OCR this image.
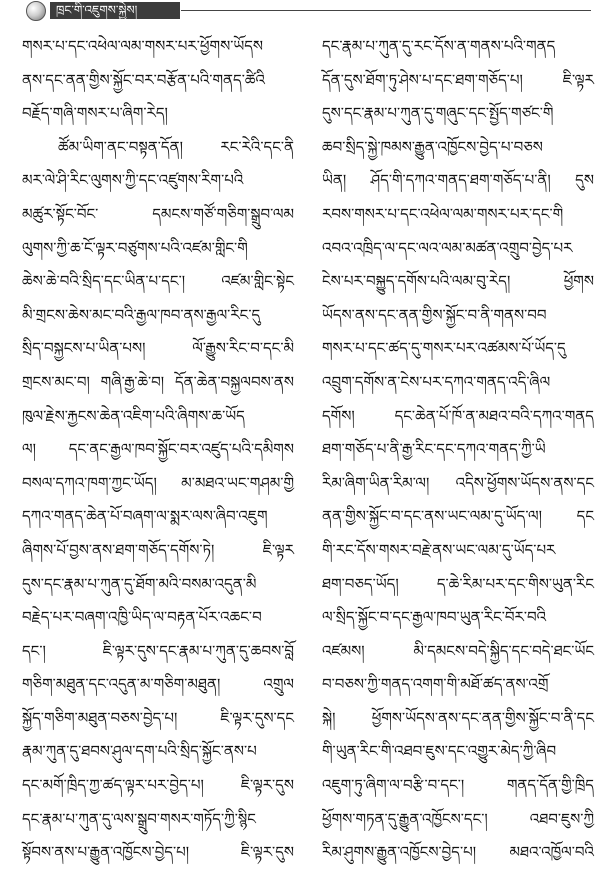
ཁྲང་གི་འཇུགས་སྐྱེས།
གསར་པ་དང་འཕེལ་ལམ་གསར་པར་ཕྱོགས་ཡོདས
ནས་དང་ནན་གྱིས་སྐྱོང་བར་བརྩོན་པའི་གནད་ཚིའི
བརྗོད་གཞི་གསར་པ་ཞིག་རེད།
ཚོམ་ཡིག་ནང་བསྟན་དོན། རང་རེའི་དང་ནི
མར་ལེ་ཤི་རིང་ལུགས་ཀྱི་དང་འཛུགས་རིག་པའི
མཚུར་སྟོང་བོང་ དམངས་གཙོ་གཅིག་སྒྲུབ་ལམ
ལུགས་ཀྱི་ཆ་ངོ་ལྟར་བཙུགས་པའི་འཛམ་གླིང་གི
ཆེས་ཆེ་བའི་སྲིད་དང་ཡིན་པ་དང་། འཛམ་གླིང་སྟེང
མི་གྲངས་ཆེས་མང་བའི་རྒྱལ་ཁབ་ནས་རྒྱལ་རིང་དུ
སྲིད་བསྐྱངས་པ་ཡིན་པས། ལོ་རྒྱུས་རིང་བ་དང་མི
གྲངས་མང་བ། གཞི་རྒྱ་ཆེ་བ། དོན་ཆེན་བསྐྱལབས་ནས
ཁུལ་རྗེས་རྐྱངས་ཆེན་འཇིག་པའི་ཞིགས་ཆ་ཡོད
ལ། དང་ནང་རྒྱལ་ཁབ་སྐྱོང་བར་འཛུད་པའི་དམིགས
བསལ་དཀའ་ཁག་ཀྱང་ཡོད། མ་མཐའ་ཡང་གཤམ་གྱི
དཀའ་གནད་ཆེན་པོ་བཞག་ལ་སྨར་ལས་ཞིབ་འཇུག
ཞིགས་པོ་བྱས་ནས་ཐག་གཅོད་དགོས་ཏེ། ཇི་ལྟར
དུས་དང་རྣམ་པ་ཀུན་དུ་ཐོག་མའི་བསམ་འདུན་མི
བརྗེད་པར་བཞག་འཁྱི་ཡིད་ལ་བརྟན་པོར་འཆང་བ
དང་། ཇི་ལྟར་དུས་དང་རྣམ་པ་ཀུན་དུ་ཆབས་བློ
གཅིག་མཐུན་དང་འདུན་མ་གཅིག་མཐུན། འགྲུལ
སྐྱོད་གཅིག་མཐུན་བཅས་བྱེད་པ། ཇི་ལྟར་དུས་དང
རྣམ་ཀུན་དུ་ཐབས་ཤུལ་དག་པའི་སྲིད་སྐྱོང་ནས་པ
དང་མགོ་ཁྲིད་ཀྱ་ཚད་ལྟར་པར་བྱེད་པ། ཇི་ལྟར་དུས
དང་རྣམ་པ་ཀུན་དུ་ལས་སྒྲུབ་གསར་གཏོད་ཀྱི་སྙིང
སྟོབས་ནས་པ་རྒྱུན་འཁྱོངས་བྱེད་པ། ཇི་ལྟར་དུས
དང་རྣམ་པ་ཀུན་དུ་རང་དོས་ན་གནས་པའི་གནད
དོན་དུས་ཐོག་ཏུ་ཤེས་པ་དང་ཐག་གཅོད་པ། ཇི་ལྟར
དུས་དང་རྣམ་པ་ཀུན་དུ་གཞུང་དང་སྤྱོད་གཙང་གི
ཆབ་སྲིད་སྐྱེ་ཁམས་རྒྱུན་འཁྱོངས་བྱེད་པ་བཅས
ཡིན། ཤོད་གི་དཀའ་གནད་ཐག་གཅོད་པ་ནི། དུས
རབས་གསར་པ་དང་འཕེལ་ལམ་གསར་པར་དང་གི
འབའ་འཁྲིད་ལ་དང་ལའ་ལམ་མཚན་འགྲུབ་བྱེད་པར
ངེས་པར་བསྐྱུད་དགོས་པའི་ལམ་བུ་རེད། ཕྱོགས
ཡོདས་ནས་དང་ནན་གྱིས་སྐྱོང་བ་ནི་གནས་བབ
གསར་པ་དང་ཚད་དུ་གསར་པར་འཚམས་པོ་ཡོད་དུ
འབྲུག་དགོས་ན་ངེས་པར་དཀའ་གནད་འདི་ཞིལ
དགོས། དང་ཆེན་པོ་ཁོ་ན་མཐའ་བའི་དཀའ་གནད
ཐག་གཅོད་པ་ནི་རྒྱ་རིང་དང་དཀའ་གནད་ཀྱི་ཡི
རིམ་ཞིག་ཡིན་རིམ་ལ། འདིས་ཕྱོགས་ཡོདས་ནས་དང
ནན་གྱིས་སྐྱོང་བ་དང་ནས་ཡང་ལམ་དུ་ཡོད་ལ། དང
གི་རང་དོས་གསར་བརྗེ་ནས་ཡང་ལམ་དུ་ཡོད་པར
ཐག་བཅད་ཡོད། ད་ཆེ་རིམ་པར་དང་གིས་ཡུན་རིང
ལ་སྲིད་སྐྱོང་བ་དང་རྒྱལ་ཁབ་ཡུན་རིང་བོར་བའི
འཛམས། མི་དམངས་བདེ་སྐྱིད་དང་བདེ་ཐང་ཡོང
བ་བཅས་ཀྱི་གནད་འགག་གི་མཐོ་ཚད་ནས་འགྲོ
སྐེ། ཕྱོགས་ཡོདས་ནས་དང་ནན་གྱིས་སྐྱོང་བ་ནི་དང
གི་ཡུན་རིང་གི་འཐབ་ཇུས་དང་འགྱུར་མེད་ཀྱི་ཞིབ
འཇུག་ཏུ་ཞིག་ལ་བརྩི་བ་དང་། གནད་དོན་གྱི་ཁྲིད
ཕྱོགས་གཏན་དུ་རྒྱུན་འཁྱོངས་དང་། འཐབ་ཇུས་ཀྱི
རིམ་ཤུགས་རྒྱུན་འཁྱོངས་བྱེད་པ། མཐའ་འཁྱོལ་བའི
